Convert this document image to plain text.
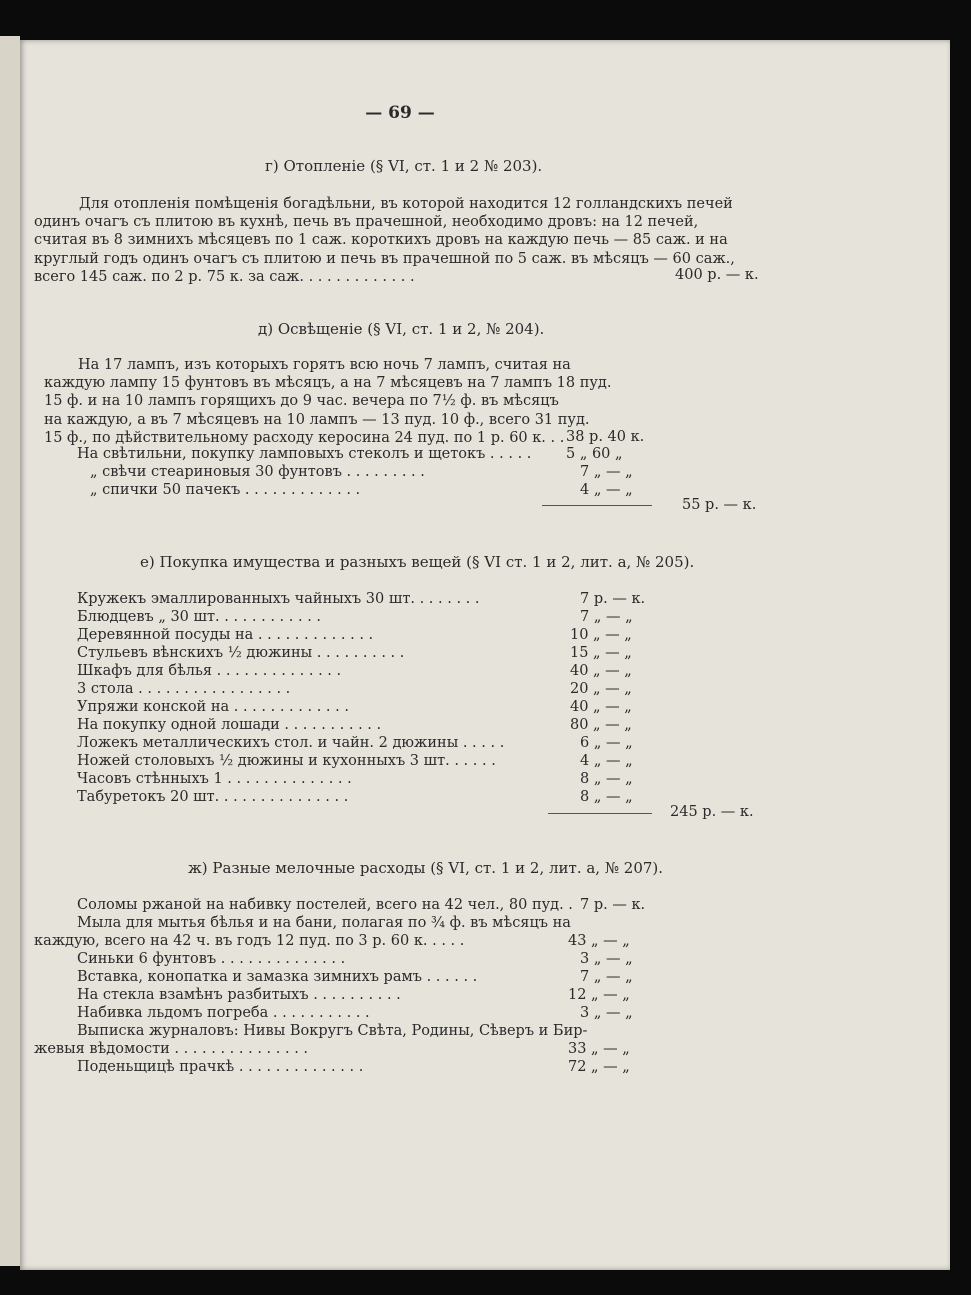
— 69 —
г) Отопленіе (§ VI, ст. 1 и 2 № 203).
Для отопленія помѣщенія богадѣльни, въ которой находится 12 голландскихъ печей
одинъ очагъ съ плитою въ кухнѣ, печь въ прачешной, необходимо дровъ: на 12 печей,
считая въ 8 зимнихъ мѣсяцевъ по 1 саж. короткихъ дровъ на каждую печь — 85 саж. и на
круглый годъ одинъ очагъ съ плитою и печь въ прачешной по 5 саж. въ мѣсяцъ — 60 саж.,
всего 145 саж. по 2 р. 75 к. за саж. . . . . . . . . . . . .	400 р. — к.
д) Освѣщеніе (§ VI, ст. 1 и 2, № 204).
На 17 лампъ, изъ которыхъ горятъ всю ночь 7 лампъ, считая на
каждую лампу 15 фунтовъ въ мѣсяцъ, а на 7 мѣсяцевъ на 7 лампъ 18 пуд.
15 ф. и на 10 лампъ горящихъ до 9 час. вечера по 7½ ф. въ мѣсяцъ
на каждую, а въ 7 мѣсяцевъ на 10 лампъ — 13 пуд. 10 ф., всего 31 пуд.
15 ф., по дѣйствительному расходу керосина 24 пуд. по 1 р. 60 к. . . 38 р. 40 к.
На свѣтильни, покупку ламповыхъ стеколъ и щетокъ . . . . . 5 „ 60 „
„ свѣчи стеариновыя 30 фунтовъ . . . . . . . . .	7 „ — „
„ спички 50 пачекъ . . . . . . . . . . . . .	4 „ — „
55 р. — к.
е) Покупка имущества и разныхъ вещей (§ VI ст. 1 и 2, лит. а, № 205).
Кружекъ эмаллированныхъ чайныхъ 30 шт. . . . . . . .	7 р. — к.
Блюдцевъ „ 30 шт. . . . . . . . . . . .	7 „ — „
Деревянной посуды на . . . . . . . . . . . . .	10 „ — „
Стульевъ вѣнскихъ ½ дюжины . . . . . . . . . .	15 „ — „
Шкафъ для бѣлья . . . . . . . . . . . . . .	40 „ — „
3 стола . . . . . . . . . . . . . . . . .	20 „ — „
Упряжи конской на . . . . . . . . . . . . .	40 „ — „
На покупку одной лошади . . . . . . . . . . .	80 „ — „
Ложекъ металлическихъ стол. и чайн. 2 дюжины . . . . .	6 „ — „
Ножей столовыхъ ½ дюжины и кухонныхъ 3 шт. . . . . .	4 „ — „
Часовъ стѣнныхъ 1 . . . . . . . . . . . . . .	8 „ — „
Табуретокъ 20 шт. . . . . . . . . . . . . . .	8 „ — „
245 р. — к.
ж) Разные мелочные расходы (§ VI, ст. 1 и 2, лит. а, № 207).
Соломы ржаной на набивку постелей, всего на 42 чел., 80 пуд. . 7 р. — к.
Мыла для мытья бѣлья и на бани, полагая по ¾ ф. въ мѣсяцъ на
каждую, всего на 42 ч. въ годъ 12 пуд. по 3 р. 60 к. . . . .	43 „ — „
Синьки 6 фунтовъ . . . . . . . . . . . . . .	3 „ — „
Вставка, конопатка и замазка зимнихъ рамъ . . . . . .	7 „ — „
На стекла взамѣнъ разбитыхъ . . . . . . . . . .	12 „ — „
Набивка льдомъ погреба . . . . . . . . . . .	3 „ — „
Выписка журналовъ: Нивы Вокругъ Свѣта, Родины, Сѣверъ и Бир-
жевыя вѣдомости . . . . . . . . . . . . . . .	33 „ — „
Поденьщицѣ прачкѣ . . . . . . . . . . . . . .	72 „ — „
